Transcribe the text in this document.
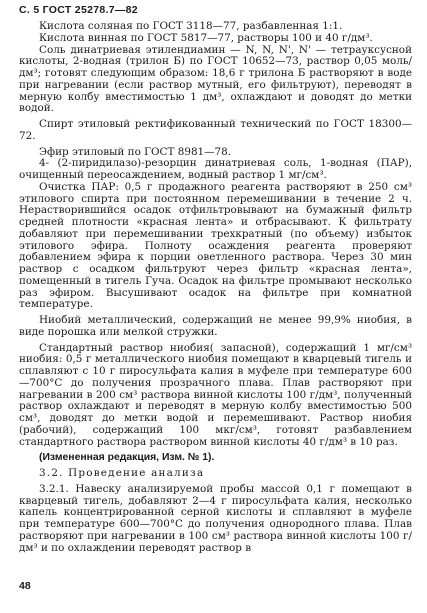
С. 5 ГОСТ 25278.7—82

Кислота соляная по ГОСТ 3118—77, разбавленная 1:1.

Кислота винная по ГОСТ 5817—77, растворы 100 и 40 г/дм³.

Соль динатриевая этилендиамин — N, N, N', N' — тетрауксусной кислоты, 2-водная (трилон Б) по ГОСТ 10652—73, раствор 0,05 моль/дм³; готовят следующим образом: 18,6 г трилона Б растворяют в воде при нагревании (если раствор мутный, его фильтруют), переводят в мерную колбу вместимостью 1 дм³, охлаждают и доводят до метки водой.

Спирт этиловый ректификованный технический по ГОСТ 18300—72.

Эфир этиловый по ГОСТ 8981—78.

4- (2-пиридилазо)-резорцин динатриевая соль, 1-водная (ПАР), очищенный переосаждением, водный раствор 1 мг/см³.

Очистка ПАР: 0,5 г продажного реагента растворяют в 250 см³ этилового спирта при постоянном перемешивании в течение 2 ч. Нерастворившийся осадок отфильтровывают на бумажный фильтр средней плотности «красная лента» и отбрасывают. К фильтрату добавляют при перемешивании трехкратный (по объему) избыток этилового эфира. Полноту осаждения реагента проверяют добавлением эфира к порции оветленного раствора. Через 30 мин раствор с осадком фильтруют через фильтр «красная лента», помещенный в тигель Гуча. Осадок на фильтре промывают несколько раз эфиром. Высушивают осадок на фильтре при комнатной температуре.

Ниобий металлический, содержащий не менее 99,9% ниобия, в виде порошка или мелкой стружки.

Стандартный раствор ниобия( запасной), содержащий 1 мг/см³ ниобия: 0,5 г металлического ниобия помещают в кварцевый тигель и сплавляют с 10 г пиросульфата калия в муфеле при температуре 600—700°С до получения прозрачного плава. Плав растворяют при нагревании в 200 см³ раствора винной кислоты 100 г/дм³, полученный раствор охлаждают и переводят в мерную колбу вместимостью 500 см³, доводят до метки водой и перемешивают. Раствор ниобия (рабочий), содержащий 100 мкг/см³, готовят разбавлением стандартного раствора раствором винной кислоты 40 г/дм³ в 10 раз.

(Измененная редакция, Изм. № 1).

3.2. Проведение анализа

3.2.1. Навеску анализируемой пробы массой 0,1 г помещают в кварцевый тигель, добавляют 2—4 г пиросульфата калия, несколько капель концентрированной серной кислоты и сплавляют в муфеле при температуре 600—700°С до получения однородного плава. Плав растворяют при нагревании в 100 см³ раствора винной кислоты 100 г/дм³ и по охлаждении переводят раствор в

48
